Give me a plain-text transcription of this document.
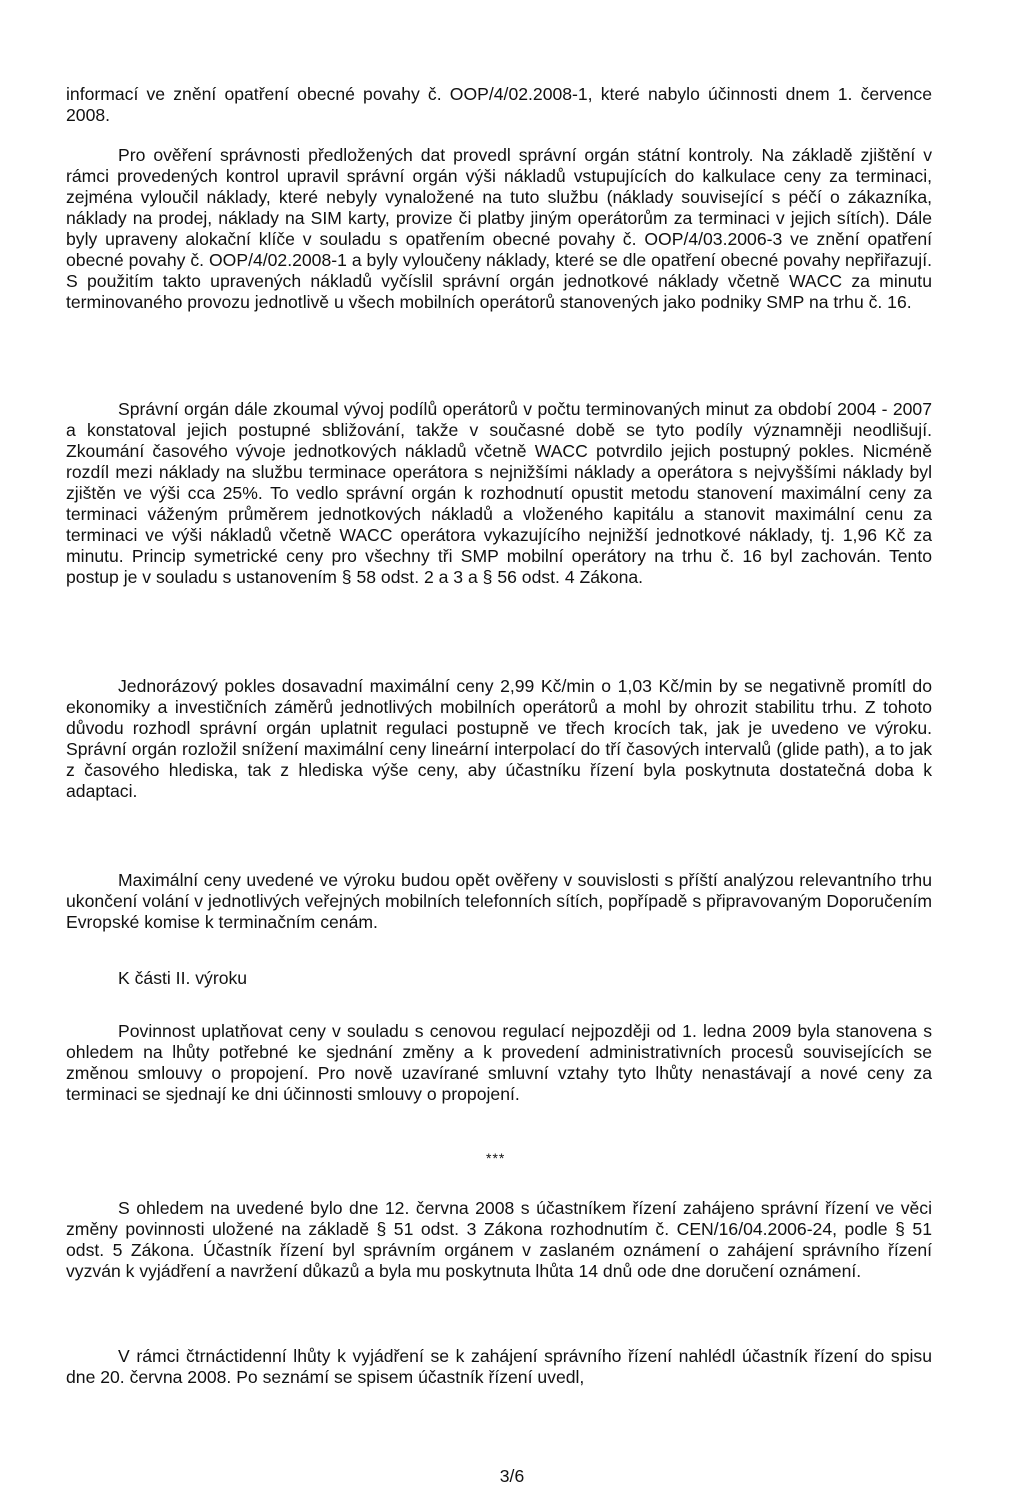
informací ve znění opatření obecné povahy č. OOP/4/02.2008-1, které nabylo účinnosti dnem 1. července 2008.

Pro ověření správnosti předložených dat provedl správní orgán státní kontroly. Na základě zjištění v rámci provedených kontrol upravil správní orgán výši nákladů vstupujících do kalkulace ceny za terminaci, zejména vyloučil náklady, které nebyly vynaložené na tuto službu (náklady související s péčí o zákazníka, náklady na prodej, náklady na SIM karty, provize či platby jiným operátorům za terminaci v jejich sítích). Dále byly upraveny alokační klíče v souladu s opatřením obecné povahy č. OOP/4/03.2006-3 ve znění opatření obecné povahy č. OOP/4/02.2008-1 a byly vyloučeny náklady, které se dle opatření obecné povahy nepřiřazují. S použitím takto upravených nákladů vyčíslil správní orgán jednotkové náklady včetně WACC za minutu terminovaného provozu jednotlivě u všech mobilních operátorů stanovených jako podniky SMP na trhu č. 16.

Správní orgán dále zkoumal vývoj podílů operátorů v počtu terminovaných minut za období 2004 - 2007 a konstatoval jejich postupné sbližování, takže v současné době se tyto podíly významněji neodlišují. Zkoumání časového vývoje jednotkových nákladů včetně WACC potvrdilo jejich postupný pokles. Nicméně rozdíl mezi náklady na službu terminace operátora s nejnižšími náklady a operátora s nejvyššími náklady byl zjištěn ve výši cca 25%. To vedlo správní orgán k rozhodnutí opustit metodu stanovení maximální ceny za terminaci váženým průměrem jednotkových nákladů a vloženého kapitálu a stanovit maximální cenu za terminaci ve výši nákladů včetně WACC operátora vykazujícího nejnižší jednotkové náklady, tj. 1,96 Kč za minutu. Princip symetrické ceny pro všechny tři SMP mobilní operátory na trhu č. 16 byl zachován. Tento postup je v souladu s ustanovením § 58 odst. 2 a 3 a § 56 odst. 4 Zákona.

Jednorázový pokles dosavadní maximální ceny 2,99 Kč/min o 1,03 Kč/min by se negativně promítl do ekonomiky a investičních záměrů jednotlivých mobilních operátorů a mohl by ohrozit stabilitu trhu. Z tohoto důvodu rozhodl správní orgán uplatnit regulaci postupně ve třech krocích tak, jak je uvedeno ve výroku. Správní orgán rozložil snížení maximální ceny lineární interpolací do tří časových intervalů (glide path), a to jak z časového hlediska, tak z hlediska výše ceny, aby účastníku řízení byla poskytnuta dostatečná doba k adaptaci.

Maximální ceny uvedené ve výroku budou opět ověřeny v souvislosti s příští analýzou relevantního trhu ukončení volání v jednotlivých veřejných mobilních telefonních sítích, popřípadě s připravovaným Doporučením Evropské komise k terminačním cenám.

K části II. výroku

Povinnost uplatňovat ceny v souladu s cenovou regulací nejpozději od 1. ledna 2009 byla stanovena s ohledem na lhůty potřebné ke sjednání změny a k provedení administrativních procesů souvisejících se změnou smlouvy o propojení. Pro nově uzavírané smluvní vztahy tyto lhůty nenastávají a nové ceny za terminaci se sjednají ke dni účinnosti smlouvy o propojení.

***

S ohledem na uvedené bylo dne 12. června 2008 s účastníkem řízení zahájeno správní řízení ve věci změny povinnosti uložené na základě § 51 odst. 3 Zákona rozhodnutím č. CEN/16/04.2006-24, podle § 51 odst. 5 Zákona. Účastník řízení byl správním orgánem v zaslaném oznámení o zahájení správního řízení vyzván k vyjádření a navržení důkazů a byla mu poskytnuta lhůta 14 dnů ode dne doručení oznámení.

V rámci čtrnáctidenní lhůty k vyjádření se k zahájení správního řízení nahlédl účastník řízení do spisu dne 20. června 2008. Po seznámí se spisem účastník řízení uvedl,

3/6
